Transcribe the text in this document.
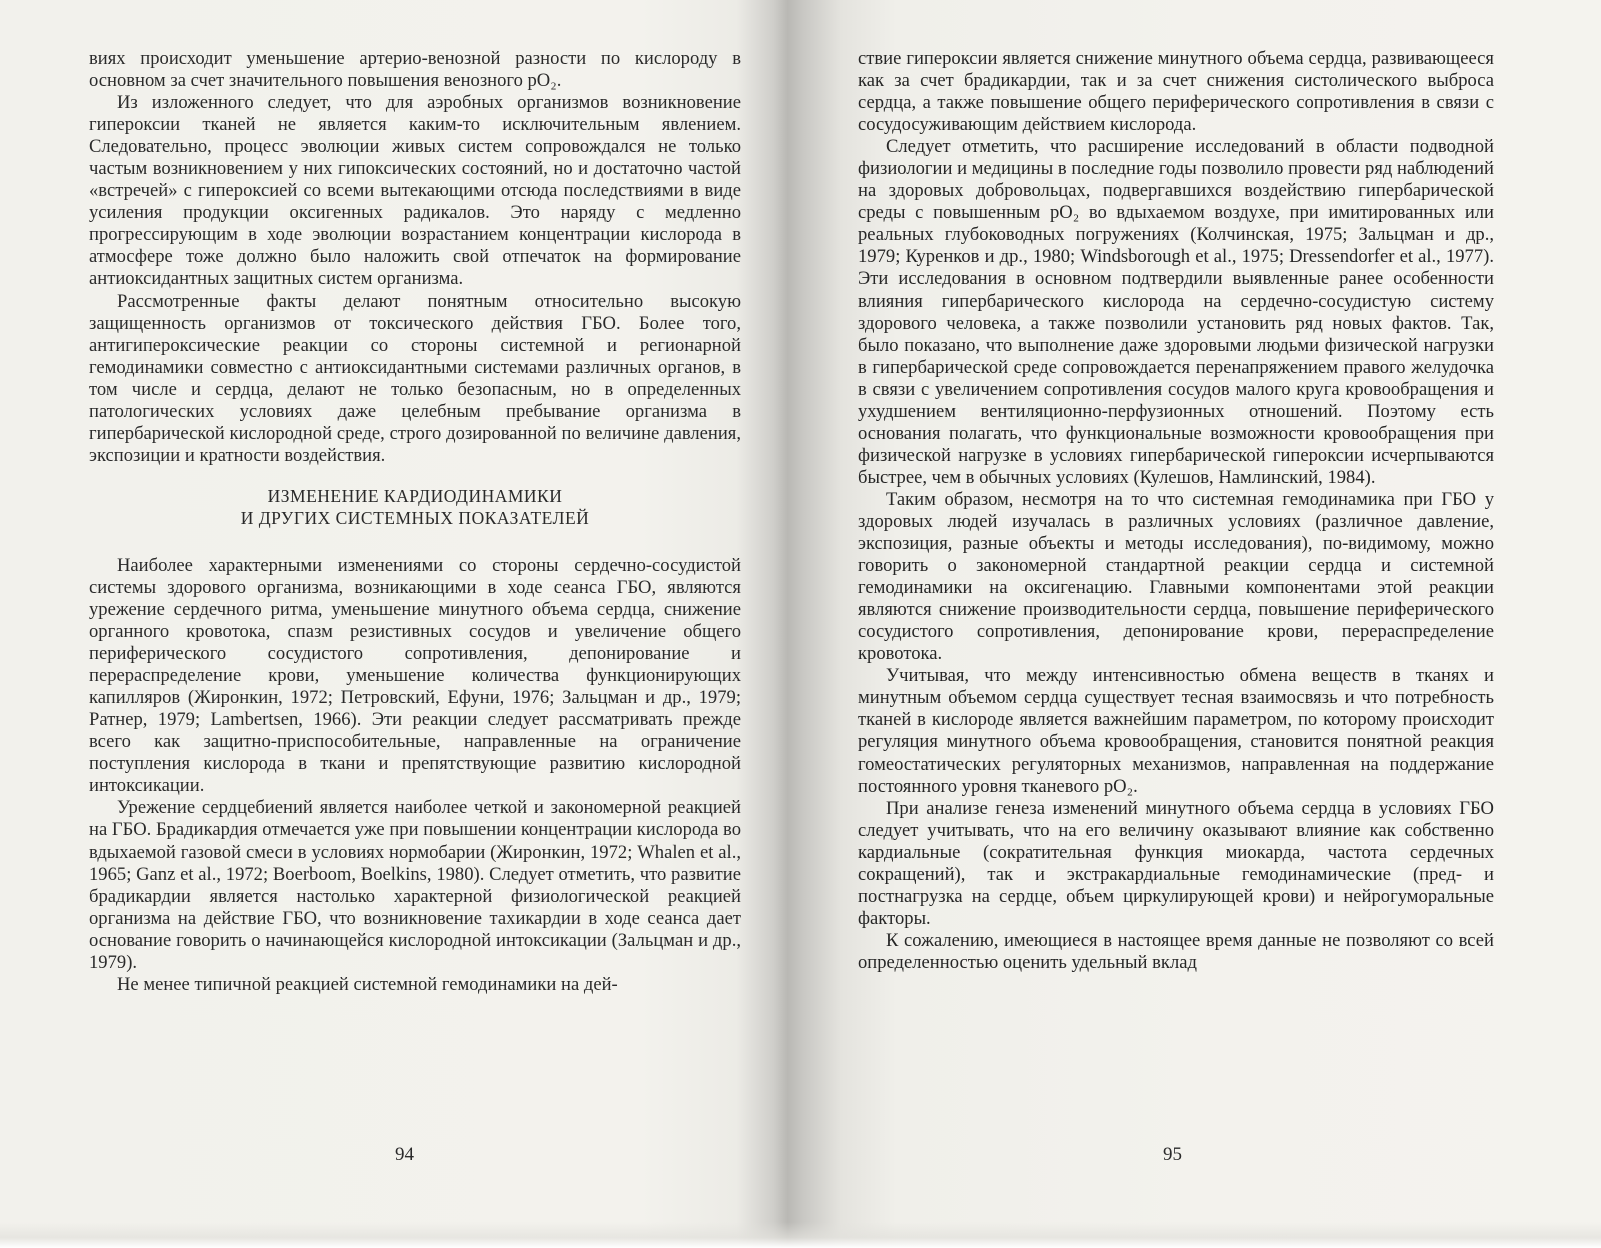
виях происходит уменьшение артерио-венозной разности по кислороду в основном за счет значительного повышения венозного pO₂.

Из изложенного следует, что для аэробных организмов возникновение гипероксии тканей не является каким-то исключительным явлением. Следовательно, процесс эволюции живых систем сопровождался не только частым возникновением у них гипоксических состояний, но и достаточно частой «встречей» с гипероксией со всеми вытекающими отсюда последствиями в виде усиления продукции оксигенных радикалов. Это наряду с медленно прогрессирующим в ходе эволюции возрастанием концентрации кислорода в атмосфере тоже должно было наложить свой отпечаток на формирование антиоксидантных защитных систем организма.

Рассмотренные факты делают понятным относительно высокую защищенность организмов от токсического действия ГБО. Более того, антигипероксические реакции со стороны системной и регионарной гемодинамики совместно с антиоксидантными системами различных органов, в том числе и сердца, делают не только безопасным, но в определенных патологических условиях даже целебным пребывание организма в гипербарической кислородной среде, строго дозированной по величине давления, экспозиции и кратности воздействия.

ИЗМЕНЕНИЕ КАРДИОДИНАМИКИ
И ДРУГИХ СИСТЕМНЫХ ПОКАЗАТЕЛЕЙ

Наиболее характерными изменениями со стороны сердечно-сосудистой системы здорового организма, возникающими в ходе сеанса ГБО, являются урежение сердечного ритма, уменьшение минутного объема сердца, снижение органного кровотока, спазм резистивных сосудов и увеличение общего периферического сосудистого сопротивления, депонирование и перераспределение крови, уменьшение количества функционирующих капилляров (Жиронкин, 1972; Петровский, Ефуни, 1976; Зальцман и др., 1979; Ратнер, 1979; Lambertsen, 1966). Эти реакции следует рассматривать прежде всего как защитно-приспособительные, направленные на ограничение поступления кислорода в ткани и препятствующие развитию кислородной интоксикации.

Урежение сердцебиений является наиболее четкой и закономерной реакцией на ГБО. Брадикардия отмечается уже при повышении концентрации кислорода во вдыхаемой газовой смеси в условиях нормобарии (Жиронкин, 1972; Whalen et al., 1965; Ganz et al., 1972; Boerboom, Boelkins, 1980). Следует отметить, что развитие брадикардии является настолько характерной физиологической реакцией организма на действие ГБО, что возникновение тахикардии в ходе сеанса дает основание говорить о начинающейся кислородной интоксикации (Зальцман и др., 1979).

Не менее типичной реакцией системной гемодинамики на дей-

94

ствие гипероксии является снижение минутного объема сердца, развивающееся как за счет брадикардии, так и за счет снижения систолического выброса сердца, а также повышение общего периферического сопротивления в связи с сосудосуживающим действием кислорода.

Следует отметить, что расширение исследований в области подводной физиологии и медицины в последние годы позволило провести ряд наблюдений на здоровых добровольцах, подвергавшихся воздействию гипербарической среды с повышенным pO₂ во вдыхаемом воздухе, при имитированных или реальных глубоководных погружениях (Колчинская, 1975; Зальцман и др., 1979; Куренков и др., 1980; Windsborough et al., 1975; Dressendorfer et al., 1977). Эти исследования в основном подтвердили выявленные ранее особенности влияния гипербарического кислорода на сердечно-сосудистую систему здорового человека, а также позволили установить ряд новых фактов. Так, было показано, что выполнение даже здоровыми людьми физической нагрузки в гипербарической среде сопровождается перенапряжением правого желудочка в связи с увеличением сопротивления сосудов малого круга кровообращения и ухудшением вентиляционно-перфузионных отношений. Поэтому есть основания полагать, что функциональные возможности кровообращения при физической нагрузке в условиях гипербарической гипероксии исчерпываются быстрее, чем в обычных условиях (Кулешов, Намлинский, 1984).

Таким образом, несмотря на то что системная гемодинамика при ГБО у здоровых людей изучалась в различных условиях (различное давление, экспозиция, разные объекты и методы исследования), по-видимому, можно говорить о закономерной стандартной реакции сердца и системной гемодинамики на оксигенацию. Главными компонентами этой реакции являются снижение производительности сердца, повышение периферического сосудистого сопротивления, депонирование крови, перераспределение кровотока.

Учитывая, что между интенсивностью обмена веществ в тканях и минутным объемом сердца существует тесная взаимосвязь и что потребность тканей в кислороде является важнейшим параметром, по которому происходит регуляция минутного объема кровообращения, становится понятной реакция гомеостатических регуляторных механизмов, направленная на поддержание постоянного уровня тканевого pO₂.

При анализе генеза изменений минутного объема сердца в условиях ГБО следует учитывать, что на его величину оказывают влияние как собственно кардиальные (сократительная функция миокарда, частота сердечных сокращений), так и экстракардиальные гемодинамические (пред- и постнагрузка на сердце, объем циркулирующей крови) и нейрогуморальные факторы.

К сожалению, имеющиеся в настоящее время данные не позволяют со всей определенностью оценить удельный вклад

95
